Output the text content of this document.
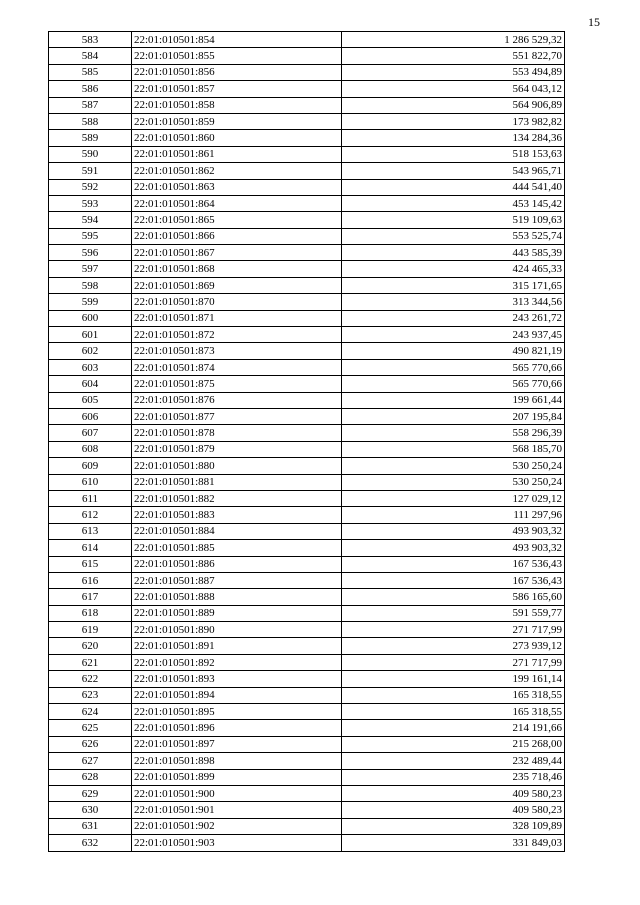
15
583	22:01:010501:854	1 286 529,32
584	22:01:010501:855	551 822,70
585	22:01:010501:856	553 494,89
586	22:01:010501:857	564 043,12
587	22:01:010501:858	564 906,89
588	22:01:010501:859	173 982,82
589	22:01:010501:860	134 284,36
590	22:01:010501:861	518 153,63
591	22:01:010501:862	543 965,71
592	22:01:010501:863	444 541,40
593	22:01:010501:864	453 145,42
594	22:01:010501:865	519 109,63
595	22:01:010501:866	553 525,74
596	22:01:010501:867	443 585,39
597	22:01:010501:868	424 465,33
598	22:01:010501:869	315 171,65
599	22:01:010501:870	313 344,56
600	22:01:010501:871	243 261,72
601	22:01:010501:872	243 937,45
602	22:01:010501:873	490 821,19
603	22:01:010501:874	565 770,66
604	22:01:010501:875	565 770,66
605	22:01:010501:876	199 661,44
606	22:01:010501:877	207 195,84
607	22:01:010501:878	558 296,39
608	22:01:010501:879	568 185,70
609	22:01:010501:880	530 250,24
610	22:01:010501:881	530 250,24
611	22:01:010501:882	127 029,12
612	22:01:010501:883	111 297,96
613	22:01:010501:884	493 903,32
614	22:01:010501:885	493 903,32
615	22:01:010501:886	167 536,43
616	22:01:010501:887	167 536,43
617	22:01:010501:888	586 165,60
618	22:01:010501:889	591 559,77
619	22:01:010501:890	271 717,99
620	22:01:010501:891	273 939,12
621	22:01:010501:892	271 717,99
622	22:01:010501:893	199 161,14
623	22:01:010501:894	165 318,55
624	22:01:010501:895	165 318,55
625	22:01:010501:896	214 191,66
626	22:01:010501:897	215 268,00
627	22:01:010501:898	232 489,44
628	22:01:010501:899	235 718,46
629	22:01:010501:900	409 580,23
630	22:01:010501:901	409 580,23
631	22:01:010501:902	328 109,89
632	22:01:010501:903	331 849,03
